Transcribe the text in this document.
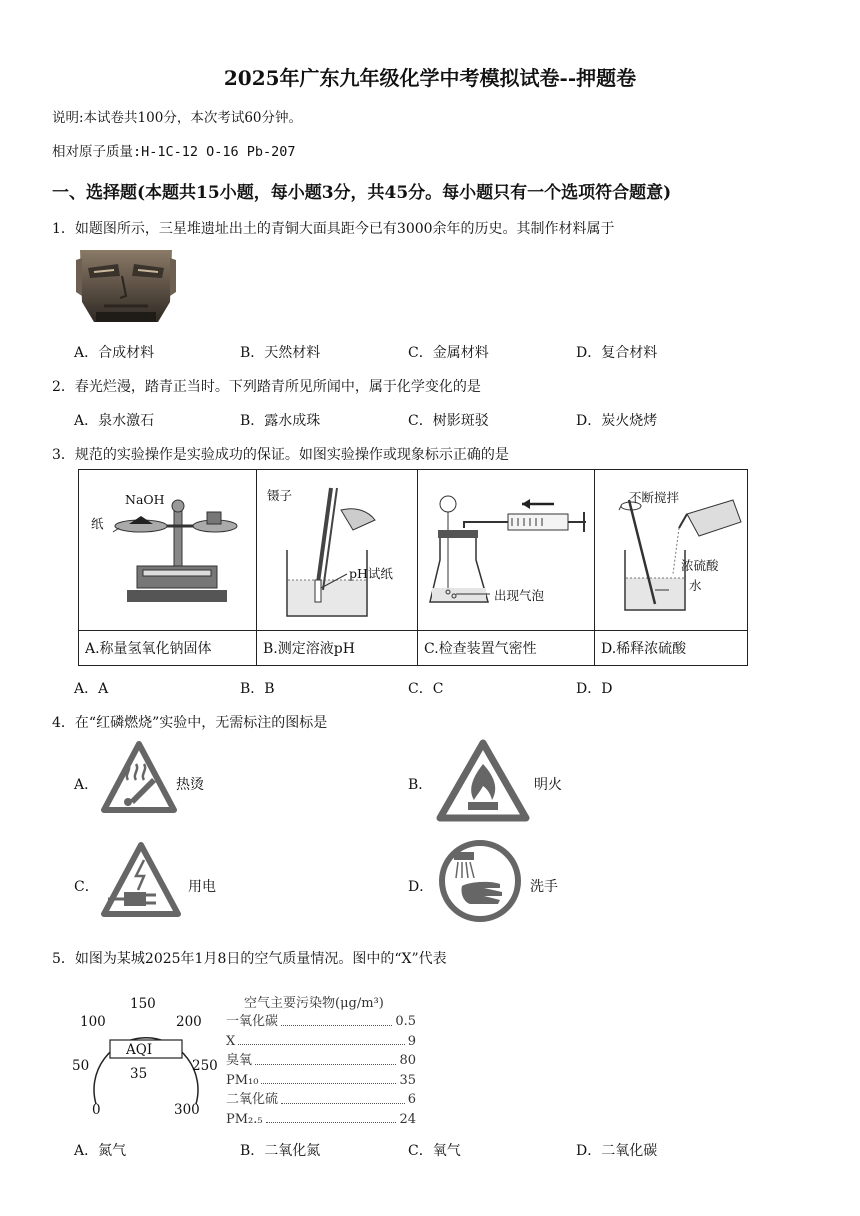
2025年广东九年级化学中考模拟试卷--押题卷
说明:本试卷共100分，本次考试60分钟。
相对原子质量:H-1C-12 O-16 Pb-207
一、选择题(本题共15小题，每小题3分，共45分。每小题只有一个选项符合题意)
1．如题图所示，三星堆遗址出土的青铜大面具距今已有3000余年的历史。其制作材料属于
A．合成材料	B．天然材料	C．金属材料	D．复合材料
2．春光烂漫，踏青正当时。下列踏青所见所闻中，属于化学变化的是
A．泉水激石	B．露水成珠	C．树影斑驳	D．炭火烧烤
3．规范的实验操作是实验成功的保证。如图实验操作或现象标示正确的是
NaOH
纸	镊子
pH试纸	出现气泡	不断搅拌
浓硫酸
水

A.称量氢氧化钠固体	B.测定溶液pH	C.检查装置气密性	D.稀释浓硫酸
A．A	B．B	C．C	D．D
4．在“红磷燃烧”实验中，无需标注的图标是
A．	热烫	B．	明火
C．	用电	D．	洗手
5．如图为某城2025年1月8日的空气质量情况。图中的“X”代表
150
100	200
50	250
0	300
AQI
35
空气主要污染物(μg/m³)
一氧化碳	0.5
X	9
臭氧	80
PM₁₀	35
二氧化硫	6
PM₂.₅	24
A．氮气	B．二氧化氮	C．氧气	D．二氧化碳
